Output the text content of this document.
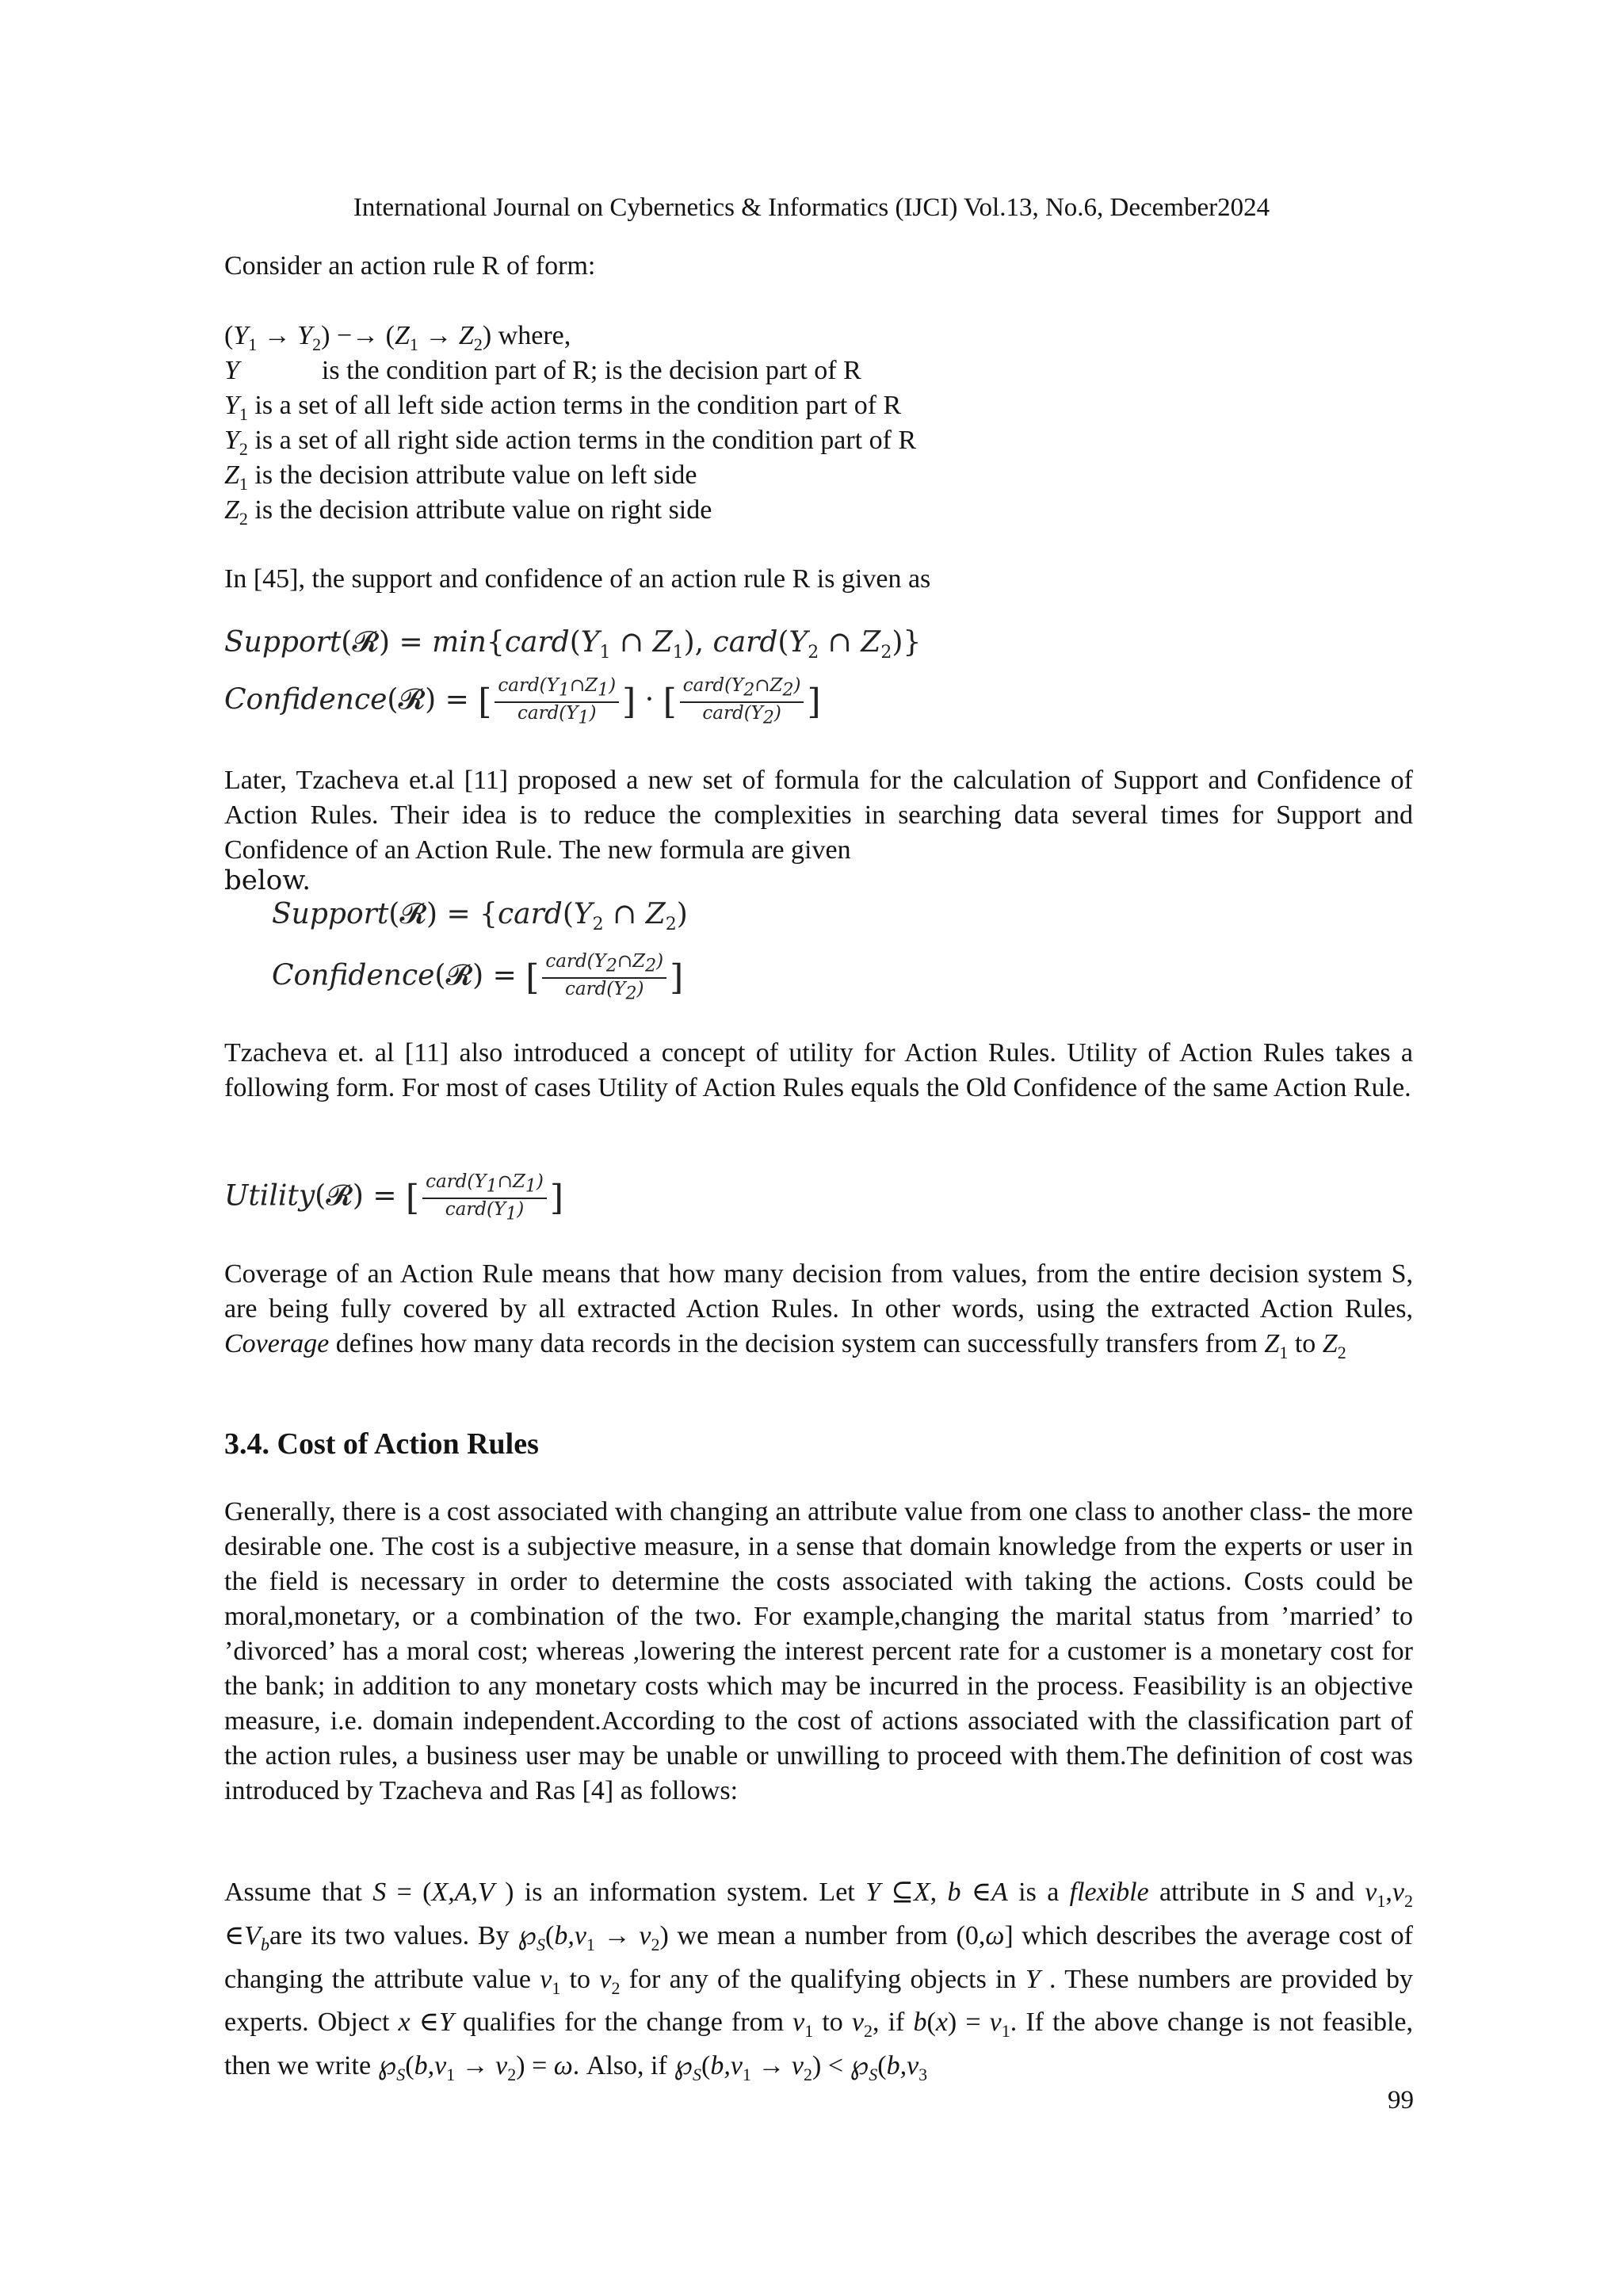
International Journal on Cybernetics & Informatics (IJCI) Vol.13, No.6, December2024
Consider an action rule R of form:
$(Y_1 \to Y_2) -\to (Z_1 \to Z_2)$ where,
Y	is the condition part of R; is the decision part of R
$Y_1$ is a set of all left side action terms in the condition part of R
$Y_2$ is a set of all right side action terms in the condition part of R
$Z_1$ is the decision attribute value on left side
$Z_2$ is the decision attribute value on right side
In [45], the support and confidence of an action rule R is given as
Support(𝓡) = $\min\{card(Y_1$ ∩ $Z_1$), $card(Y_2$ ∩ $Z_2$)}
Confidence(𝓡) = [ $\frac{card(Y_1\cap Z_1)}{card(Y_1)}$ ] · [ $\frac{card(Y_2\cap Z_2)}{card(Y_2)}$ ]
Later, Tzacheva et.al [11] proposed a new set of formula for the calculation of Support and Confidence of Action Rules. Their idea is to reduce the complexities in searching data several times for Support and Confidence of an Action Rule. The new formula are given
below.
Support(𝓡) = {$card(Y_2$ ∩ $Z_2$)
Confidence(𝓡) = [ $\frac{card(Y_2\cap Z_2)}{card(Y_2)}$ ]
Tzacheva et. al [11] also introduced a concept of utility for Action Rules. Utility of Action Rules takes a following form. For most of cases Utility of Action Rules equals the Old Confidence of the same Action Rule.
Utility(𝓡) = [ $\frac{card(Y_1\cap Z_1)}{card(Y_1)}$ ]
Coverage of an Action Rule means that how many decision from values, from the entire decision system S, are being fully covered by all extracted Action Rules. In other words, using the extracted Action Rules, Coverage defines how many data records in the decision system can successfully transfers from $Z_1$ to $Z_2$
3.4. Cost of Action Rules
Generally, there is a cost associated with changing an attribute value from one class to another class- the more desirable one. The cost is a subjective measure, in a sense that domain knowledge from the experts or user in the field is necessary in order to determine the costs associated with taking the actions. Costs could be moral,monetary, or a combination of the two. For example,changing the marital status from ’married’ to ’divorced’ has a moral cost; whereas ,lowering the interest percent rate for a customer is a monetary cost for the bank; in addition to any monetary costs which may be incurred in the process. Feasibility is an objective measure, i.e. domain independent.According to the cost of actions associated with the classification part of the action rules, a business user may be unable or unwilling to proceed with them.The definition of cost was introduced by Tzacheva and Ras [4] as follows:
Assume that S = (X,A,V ) is an information system. Let Y ⊆X, b ∈A is a flexible attribute in S and $v_1,v_2$ $\in V_bare$ its two values. By $℘_S(b,v_1 \to v_2)$ we mean a number from (0,ω] which describes the average cost of changing the attribute value $v_1$ to $v_2$ for any of the qualifying objects in Y . These numbers are provided by experts. Object x ∈Y qualifies for the change from $v_1$ to $v_2$, if $b(x) = v_1$. If the above change is not feasible, then we write $℘_S(b,v_1 \to v_2) = \omega$. Also, if $℘_S(b,v_1 \to v_2)$ < $℘_S(b,v_3$
99
